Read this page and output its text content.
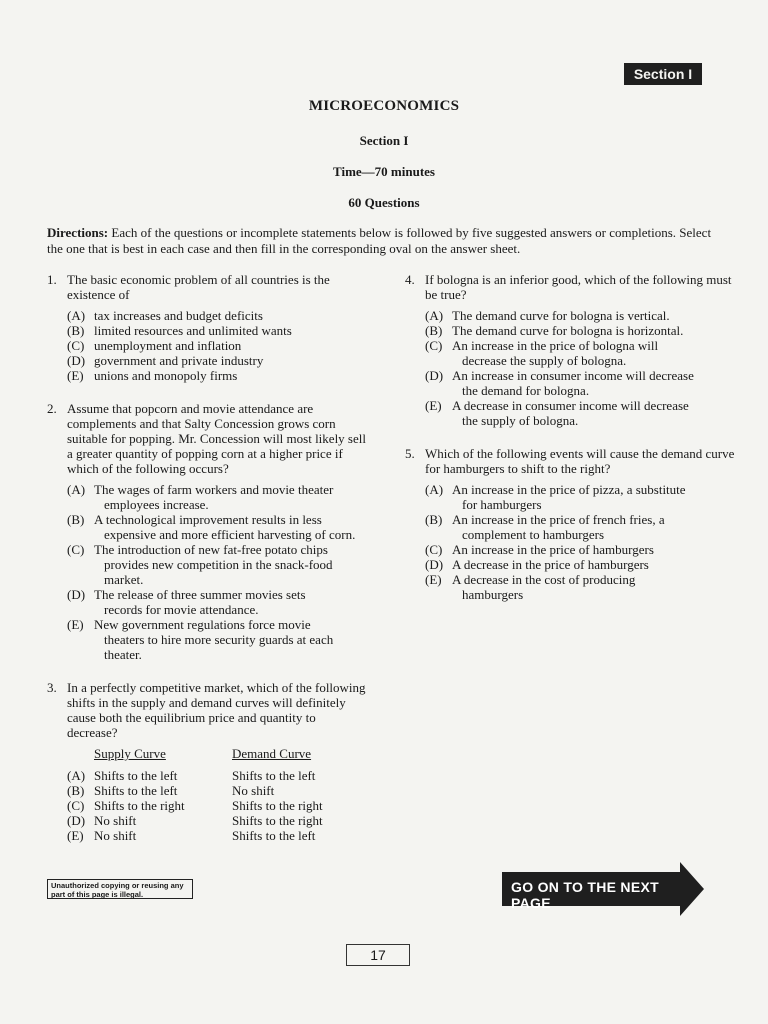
Section I
MICROECONOMICS
Section I
Time—70 minutes
60 Questions
Directions: Each of the questions or incomplete statements below is followed by five suggested answers or completions. Select the one that is best in each case and then fill in the corresponding oval on the answer sheet.
1. The basic economic problem of all countries is the existence of
(A) tax increases and budget deficits
(B) limited resources and unlimited wants
(C) unemployment and inflation
(D) government and private industry
(E) unions and monopoly firms
2. Assume that popcorn and movie attendance are complements and that Salty Concession grows corn suitable for popping. Mr. Concession will most likely sell a greater quantity of popping corn at a higher price if which of the following occurs?
(A) The wages of farm workers and movie theater
employees increase.
(B) A technological improvement results in less
expensive and more efficient harvesting of corn.
(C) The introduction of new fat-free potato chips
provides new competition in the snack-food market.
(D) The release of three summer movies sets
records for movie attendance.
(E) New government regulations force movie
theaters to hire more security guards at each theater.
3. In a perfectly competitive market, which of the following shifts in the supply and demand curves will definitely cause both the equilibrium price and quantity to decrease?
Supply Curve	Demand Curve
(A) Shifts to the left	Shifts to the left
(B) Shifts to the left	No shift
(C) Shifts to the right	Shifts to the right
(D) No shift	Shifts to the right
(E) No shift	Shifts to the left
4. If bologna is an inferior good, which of the following must be true?
(A) The demand curve for bologna is vertical.
(B) The demand curve for bologna is horizontal.
(C) An increase in the price of bologna will
decrease the supply of bologna.
(D) An increase in consumer income will decrease
the demand for bologna.
(E) A decrease in consumer income will decrease
the supply of bologna.
5. Which of the following events will cause the demand curve for hamburgers to shift to the right?
(A) An increase in the price of pizza, a substitute
for hamburgers
(B) An increase in the price of french fries, a
complement to hamburgers
(C) An increase in the price of hamburgers
(D) A decrease in the price of hamburgers
(E) A decrease in the cost of producing
hamburgers
Unauthorized copying or reusing any part of this page is illegal.	GO ON TO THE NEXT PAGE
17
